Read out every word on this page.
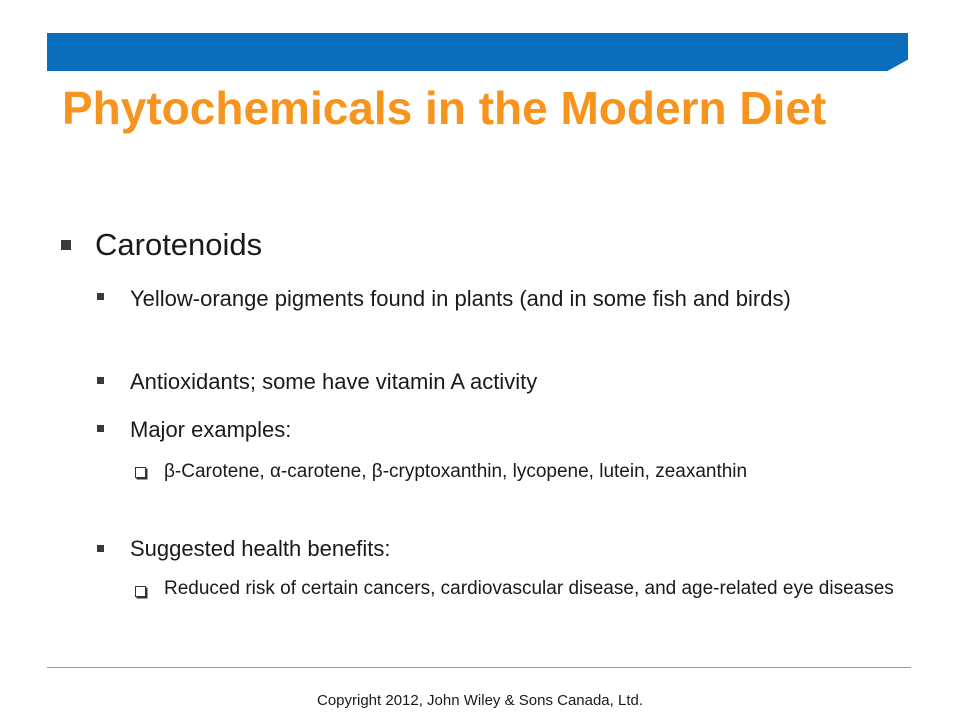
Phytochemicals in the Modern Diet
Carotenoids
Yellow-orange pigments found in plants (and in some fish and birds)
Antioxidants; some have vitamin A activity
Major examples:
β-Carotene, α-carotene, β-cryptoxanthin, lycopene, lutein, zeaxanthin
Suggested health benefits:
Reduced risk of certain cancers, cardiovascular disease, and age-related eye diseases
Copyright 2012, John Wiley & Sons Canada, Ltd.
